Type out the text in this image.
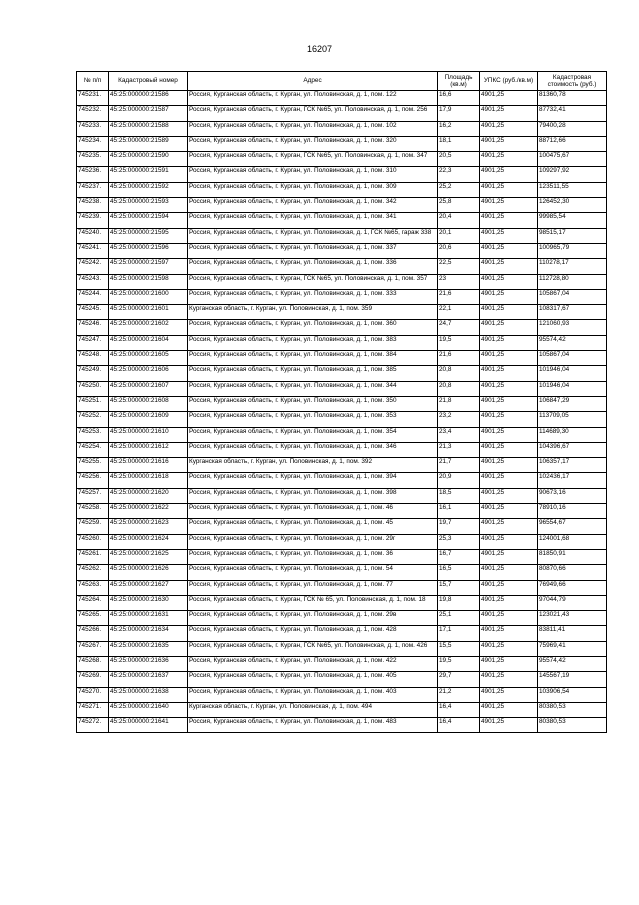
16207
№ п/п	Кадастровый номер	Адрес	Площадь (кв.м)	УПКС (руб./кв.м)	Кадастровая стоимость (руб.)
745231.	45:25:000000:21586	Россия, Курганская область, г. Курган, ул. Половинская, д. 1, пом. 122	16,6	4901,25	81360,78
745232.	45:25:000000:21587	Россия, Курганская область, г. Курган, ГСК №65, ул. Половинская, д. 1, пом. 256	17,9	4901,25	87732,41
745233.	45:25:000000:21588	Россия, Курганская область, г. Курган, ул. Половинская, д. 1, пом. 102	16,2	4901,25	79400,28
745234.	45:25:000000:21589	Россия, Курганская область, г. Курган, ул. Половинская, д. 1, пом. 320	18,1	4901,25	88712,66
745235.	45:25:000000:21590	Россия, Курганская область, г. Курган, ГСК №65, ул. Половинская, д. 1, пом. 347	20,5	4901,25	100475,67
745236.	45:25:000000:21591	Россия, Курганская область, г. Курган, ул. Половинская, д. 1, пом. 310	22,3	4901,25	109297,92
745237.	45:25:000000:21592	Россия, Курганская область, г. Курган, ул. Половинская, д. 1, пом. 309	25,2	4901,25	123511,55
745238.	45:25:000000:21593	Россия, Курганская область, г. Курган, ул. Половинская, д. 1, пом. 342	25,8	4901,25	126452,30
745239.	45:25:000000:21594	Россия, Курганская область, г. Курган, ул. Половинская, д. 1, пом. 341	20,4	4901,25	99985,54
745240.	45:25:000000:21595	Россия, Курганская область, г. Курган, ул. Половинская, д. 1, ГСК №65, гараж 338	20,1	4901,25	98515,17
745241.	45:25:000000:21596	Россия, Курганская область, г. Курган, ул. Половинская, д. 1, пом. 337	20,6	4901,25	100965,79
745242.	45:25:000000:21597	Россия, Курганская область, г. Курган, ул. Половинская, д. 1, пом. 336	22,5	4901,25	110278,17
745243.	45:25:000000:21598	Россия, Курганская область, г. Курган, ГСК №65, ул. Половинская, д. 1, пом. 357	23	4901,25	112728,80
745244.	45:25:000000:21600	Россия, Курганская область, г. Курган, ул. Половинская, д. 1, пом. 333	21,6	4901,25	105867,04
745245.	45:25:000000:21601	Курганская область, г. Курган, ул. Половинская, д. 1, пом. 359	22,1	4901,25	108317,67
745246.	45:25:000000:21602	Россия, Курганская область, г. Курган, ул. Половинская, д. 1, пом. 360	24,7	4901,25	121060,93
745247.	45:25:000000:21604	Россия, Курганская область, г. Курган, ул. Половинская, д. 1, пом. 383	19,5	4901,25	95574,42
745248.	45:25:000000:21605	Россия, Курганская область, г. Курган, ул. Половинская, д. 1, пом. 384	21,6	4901,25	105867,04
745249.	45:25:000000:21606	Россия, Курганская область, г. Курган, ул. Половинская, д. 1, пом. 385	20,8	4901,25	101946,04
745250.	45:25:000000:21607	Россия, Курганская область, г. Курган, ул. Половинская, д. 1, пом. 344	20,8	4901,25	101946,04
745251.	45:25:000000:21608	Россия, Курганская область, г. Курган, ул. Половинская, д. 1, пом. 350	21,8	4901,25	106847,29
745252.	45:25:000000:21609	Россия, Курганская область, г. Курган, ул. Половинская, д. 1, пом. 353	23,2	4901,25	113709,05
745253.	45:25:000000:21610	Россия, Курганская область, г. Курган, ул. Половинская, д. 1, пом. 354	23,4	4901,25	114689,30
745254.	45:25:000000:21612	Россия, Курганская область, г. Курган, ул. Половинская, д. 1, пом. 346	21,3	4901,25	104396,67
745255.	45:25:000000:21616	Курганская область, г. Курган, ул. Половинская, д. 1, пом. 392	21,7	4901,25	106357,17
745256.	45:25:000000:21618	Россия, Курганская область, г. Курган, ул. Половинская, д. 1, пом. 394	20,9	4901,25	102436,17
745257.	45:25:000000:21620	Россия, Курганская область, г. Курган, ул. Половинская, д. 1, пом. 398	18,5	4901,25	90673,16
745258.	45:25:000000:21622	Россия, Курганская область, г. Курган, ул. Половинская, д. 1, пом. 46	16,1	4901,25	78910,16
745259.	45:25:000000:21623	Россия, Курганская область, г. Курган, ул. Половинская, д. 1, пом. 45	19,7	4901,25	96554,67
745260.	45:25:000000:21624	Россия, Курганская область, г. Курган, ул. Половинская, д. 1, пом. 29г	25,3	4901,25	124001,68
745261.	45:25:000000:21625	Россия, Курганская область, г. Курган, ул. Половинская, д. 1, пом. 36	16,7	4901,25	81850,91
745262.	45:25:000000:21626	Россия, Курганская область, г. Курган, ул. Половинская, д. 1, пом. 54	16,5	4901,25	80870,66
745263.	45:25:000000:21627	Россия, Курганская область, г. Курган, ул. Половинская, д. 1, пом. 77	15,7	4901,25	76949,66
745264.	45:25:000000:21630	Россия, Курганская область, г. Курган, ГСК № 65, ул. Половинская, д. 1, пом. 18	19,8	4901,25	97044,79
745265.	45:25:000000:21631	Россия, Курганская область, г. Курган, ул. Половинская, д. 1, пом. 29в	25,1	4901,25	123021,43
745266.	45:25:000000:21634	Россия, Курганская область, г. Курган, ул. Половинская, д. 1, пом. 428	17,1	4901,25	83811,41
745267.	45:25:000000:21635	Россия, Курганская область, г. Курган, ГСК №65, ул. Половинская, д. 1, пом. 426	15,5	4901,25	75969,41
745268.	45:25:000000:21636	Россия, Курганская область, г. Курган, ул. Половинская, д. 1, пом. 422	19,5	4901,25	95574,42
745269.	45:25:000000:21637	Россия, Курганская область, г. Курган, ул. Половинская, д. 1, пом. 405	29,7	4901,25	145567,19
745270.	45:25:000000:21638	Россия, Курганская область, г. Курган, ул. Половинская, д. 1, пом. 403	21,2	4901,25	103906,54
745271.	45:25:000000:21640	Курганская область, г. Курган, ул. Половинская, д. 1, пом. 494	16,4	4901,25	80380,53
745272.	45:25:000000:21641	Россия, Курганская область, г. Курган, ул. Половинская, д. 1, пом. 483	16,4	4901,25	80380,53
